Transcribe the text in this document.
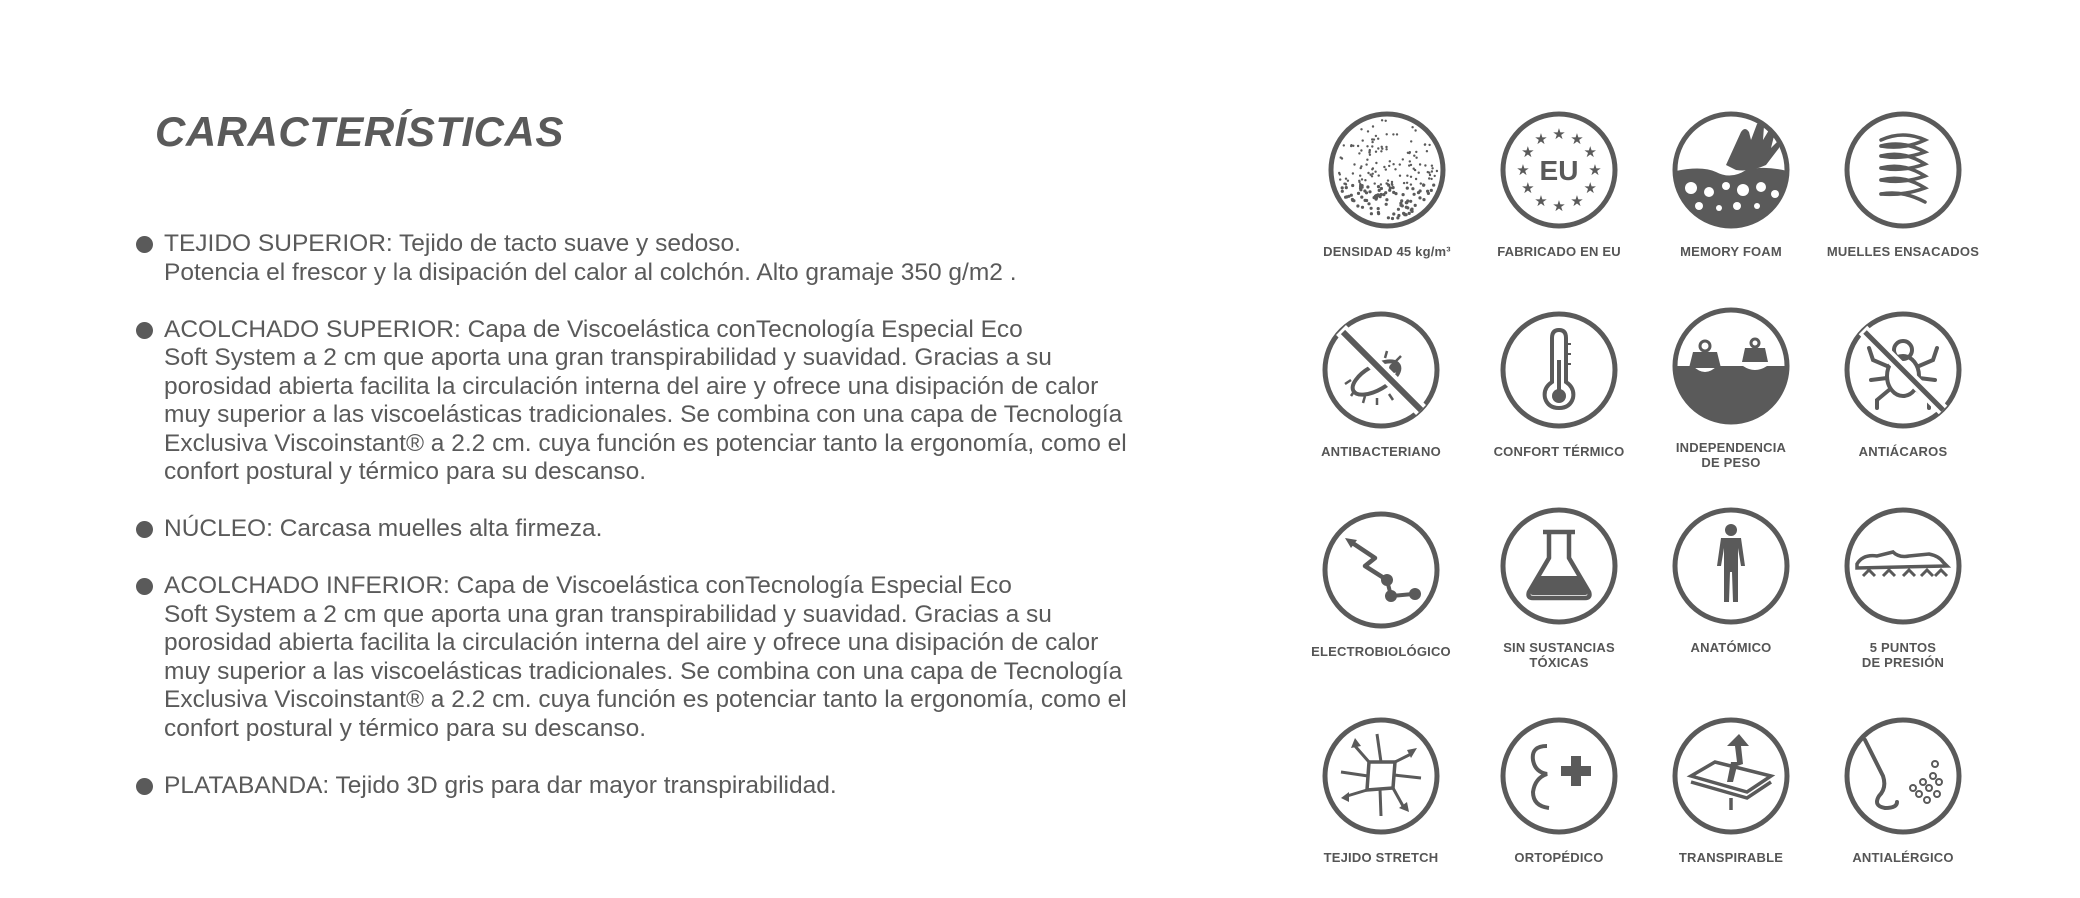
CARACTERÍSTICAS
TEJIDO SUPERIOR: Tejido de tacto suave y sedoso.
Potencia el frescor y la disipación del calor al colchón. Alto gramaje 350 g/m2 .
ACOLCHADO SUPERIOR: Capa de Viscoelástica conTecnología Especial Eco
Soft System a 2 cm que aporta una gran transpirabilidad y suavidad. Gracias a su
porosidad abierta facilita la circulación interna del aire y ofrece una disipación de calor
muy superior a las viscoelásticas tradicionales. Se combina con una capa de Tecnología
Exclusiva Viscoinstant® a 2.2 cm. cuya función es potenciar tanto la ergonomía, como el
confort postural y térmico para su descanso.
NÚCLEO: Carcasa muelles alta firmeza.
ACOLCHADO INFERIOR: Capa de Viscoelástica conTecnología Especial Eco
Soft System a 2 cm que aporta una gran transpirabilidad y suavidad. Gracias a su
porosidad abierta facilita la circulación interna del aire y ofrece una disipación de calor
muy superior a las viscoelásticas tradicionales. Se combina con una capa de Tecnología
Exclusiva Viscoinstant® a 2.2 cm. cuya función es potenciar tanto la ergonomía, como el
confort postural y térmico para su descanso.
PLATABANDA: Tejido 3D gris para dar mayor transpirabilidad.
DENSIDAD 45 kg/m³
★
★
★
★
★
★
★
★
★ ★ ★
★
EU
FABRICADO EN EU	MEMORY FOAM	MUELLES ENSACADOS
ANTIBACTERIANO	CONFORT TÉRMICO	INDEPENDENCIA
DE PESO
ANTIÁCAROS
ELECTROBIOLÓGICO	SIN SUSTANCIAS
TÓXICAS
ANATÓMICO	5 PUNTOS
DE PRESIÓN
TEJIDO STRETCH	ORTOPÉDICO	TRANSPIRABLE	ANTIALÉRGICO
